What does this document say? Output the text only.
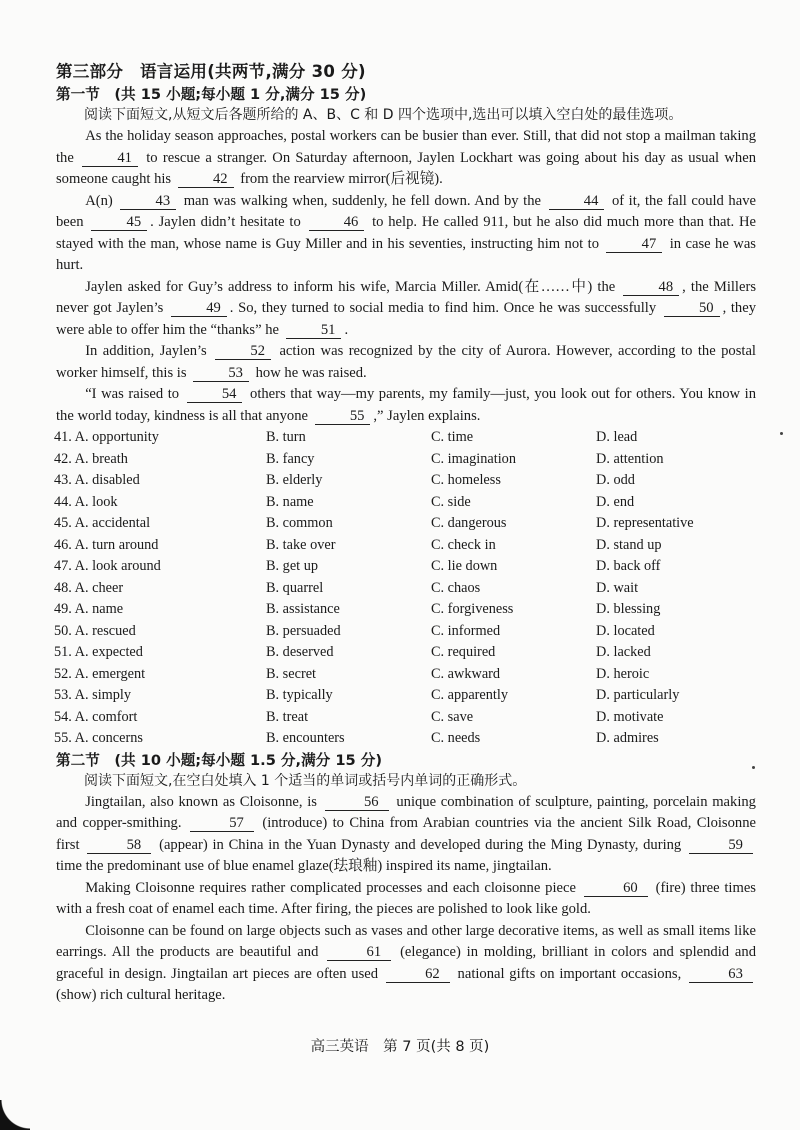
第三部分　语言运用(共两节,满分 30 分)
第一节　(共 15 小题;每小题 1 分,满分 15 分)

阅读下面短文,从短文后各题所给的 A、B、C 和 D 四个选项中,选出可以填入空白处的最佳选项。

As the holiday season approaches, postal workers can be busier than ever. Still, that did not stop a mailman taking the	41 to rescue a stranger. On Saturday afternoon, Jaylen Lockhart was going about his day as usual when someone caught his	42 from the rearview mirror(后视镜).

A(n)	43 man was walking when, suddenly, he fell down. And by the	44 of it, the fall could have been	45 . Jaylen didn’t hesitate to	46 to help. He called 911, but he also did much more than that. He stayed with the man, whose name is Guy Miller and in his seventies, instructing him not to	47 in case he was hurt.

Jaylen asked for Guy’s address to inform his wife, Marcia Miller. Amid(在……中) the	48 , the Millers never got Jaylen’s	49 . So, they turned to social media to find him. Once he was successfully	50 , they were able to offer him the “thanks” he	51 .

In addition, Jaylen’s	52 action was recognized by the city of Aurora. However, according to the postal worker himself, this is	53 how he was raised.

“I was raised to	54 others that way—my parents, my family—just, you look out for others. You know in the world today, kindness is all that anyone	55 ,” Jaylen explains.

41. A. opportunity	B. turn	C. time	D. lead
42. A. breath	B. fancy	C. imagination	D. attention
43. A. disabled	B. elderly	C. homeless	D. odd
44. A. look	B. name	C. side	D. end
45. A. accidental	B. common	C. dangerous	D. representative
46. A. turn around	B. take over	C. check in	D. stand up
47. A. look around	B. get up	C. lie down	D. back off
48. A. cheer	B. quarrel	C. chaos	D. wait
49. A. name	B. assistance	C. forgiveness	D. blessing
50. A. rescued	B. persuaded	C. informed	D. located
51. A. expected	B. deserved	C. required	D. lacked
52. A. emergent	B. secret	C. awkward	D. heroic
53. A. simply	B. typically	C. apparently	D. particularly
54. A. comfort	B. treat	C. save	D. motivate
55. A. concerns	B. encounters	C. needs	D. admires
第二节　(共 10 小题;每小题 1.5 分,满分 15 分)

阅读下面短文,在空白处填入 1 个适当的单词或括号内单词的正确形式。

Jingtailan, also known as Cloisonne, is	56 unique combination of sculpture, painting, porcelain making and copper-smithing.	57 (introduce) to China from Arabian countries via the ancient Silk Road, Cloisonne first	58 (appear) in China in the Yuan Dynasty and developed during the Ming Dynasty, during	59 time the predominant use of blue enamel glaze(珐琅釉) inspired its name, jingtailan.

Making Cloisonne requires rather complicated processes and each cloisonne piece	60 (fire) three times with a fresh coat of enamel each time. After firing, the pieces are polished to look like gold.

Cloisonne can be found on large objects such as vases and other large decorative items, as well as small items like earrings. All the products are beautiful and	61 (elegance) in molding, brilliant in colors and splendid and graceful in design. Jingtailan art pieces are often used	62 national gifts on important occasions,	63 (show) rich cultural heritage.

高三英语　第 7 页(共 8 页)
